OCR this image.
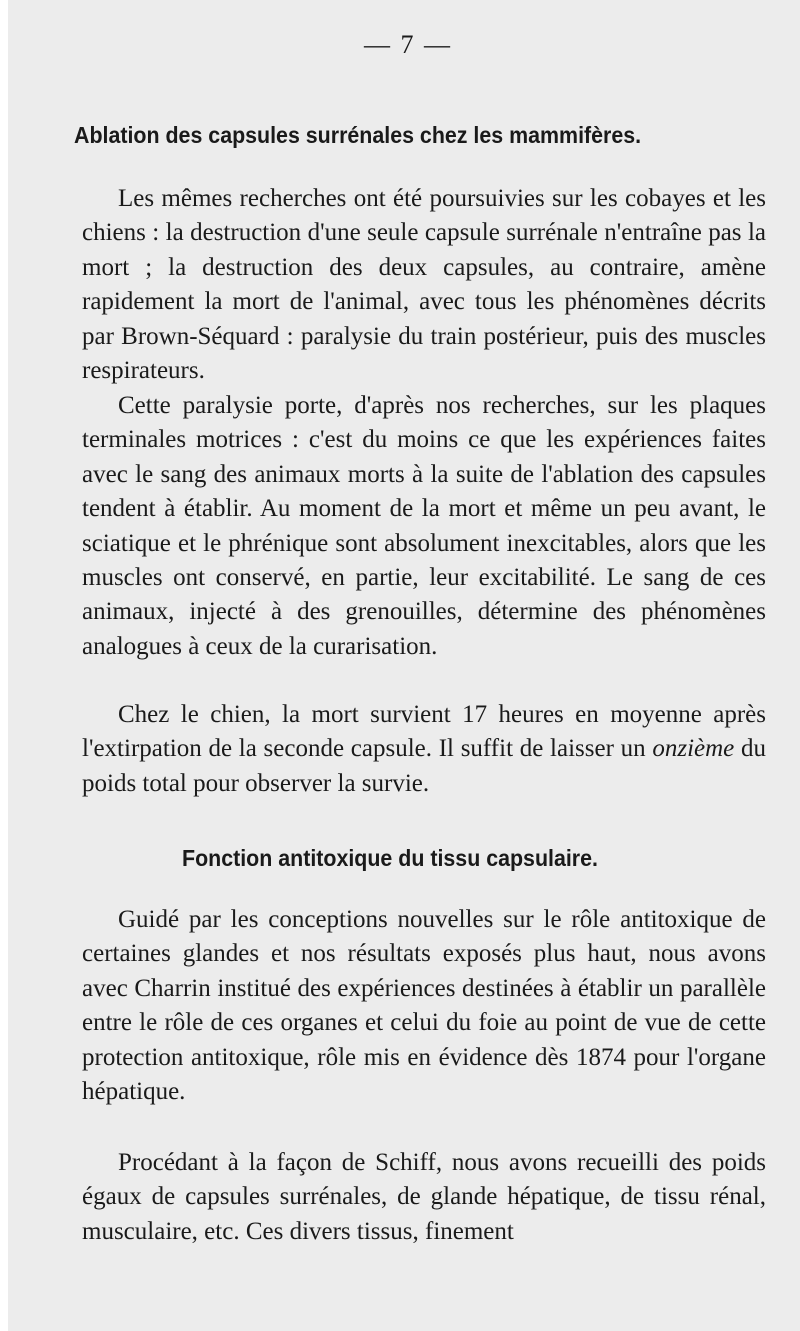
— 7 —
Ablation des capsules surrénales chez les mammifères.

Les mêmes recherches ont été poursuivies sur les cobayes et les chiens : la destruction d'une seule capsule surrénale n'entraîne pas la mort ; la destruction des deux capsules, au contraire, amène rapidement la mort de l'animal, avec tous les phénomènes décrits par Brown-Séquard : paralysie du train postérieur, puis des muscles respirateurs.

Cette paralysie porte, d'après nos recherches, sur les plaques terminales motrices : c'est du moins ce que les expériences faites avec le sang des animaux morts à la suite de l'ablation des capsules tendent à établir. Au moment de la mort et même un peu avant, le sciatique et le phrénique sont absolument inexcitables, alors que les muscles ont conservé, en partie, leur excitabilité. Le sang de ces animaux, injecté à des grenouilles, détermine des phénomènes analogues à ceux de la curarisation.

Chez le chien, la mort survient 17 heures en moyenne après l'extirpation de la seconde capsule. Il suffit de laisser un onzième du poids total pour observer la survie.

Fonction antitoxique du tissu capsulaire.

Guidé par les conceptions nouvelles sur le rôle antitoxique de certaines glandes et nos résultats exposés plus haut, nous avons avec Charrin institué des expériences destinées à établir un parallèle entre le rôle de ces organes et celui du foie au point de vue de cette protection antitoxique, rôle mis en évidence dès 1874 pour l'organe hépatique.

Procédant à la façon de Schiff, nous avons recueilli des poids égaux de capsules surrénales, de glande hépatique, de tissu rénal, musculaire, etc. Ces divers tissus, finement
